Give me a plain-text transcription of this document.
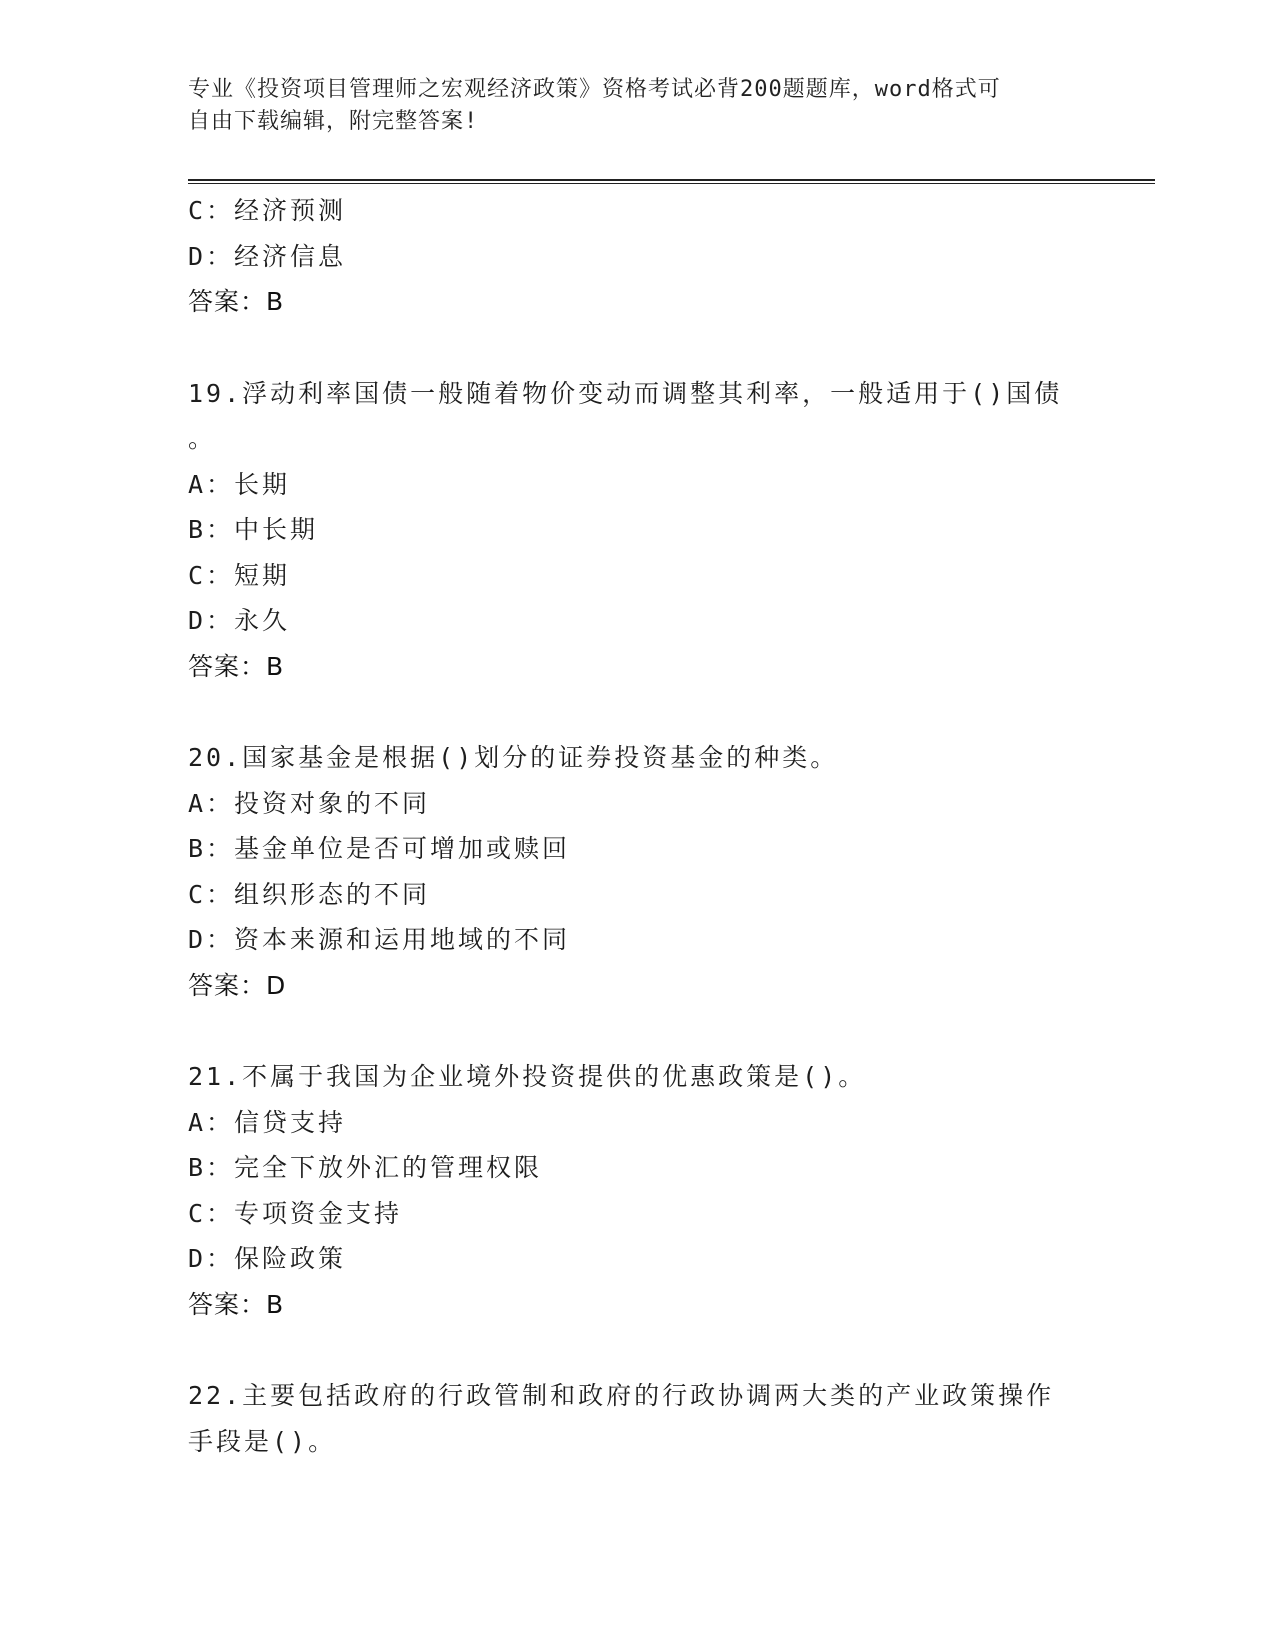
专业《投资项目管理师之宏观经济政策》资格考试必背200题题库，word格式可
自由下载编辑，附完整答案!
C：经济预测
D：经济信息
答案：B
19.浮动利率国债一般随着物价变动而调整其利率，一般适用于()国债
。
A：长期
B：中长期
C：短期
D：永久
答案：B
20.国家基金是根据()划分的证券投资基金的种类。
A：投资对象的不同
B：基金单位是否可增加或赎回
C：组织形态的不同
D：资本来源和运用地域的不同
答案：D
21.不属于我国为企业境外投资提供的优惠政策是()。
A：信贷支持
B：完全下放外汇的管理权限
C：专项资金支持
D：保险政策
答案：B
22.主要包括政府的行政管制和政府的行政协调两大类的产业政策操作
手段是()。
